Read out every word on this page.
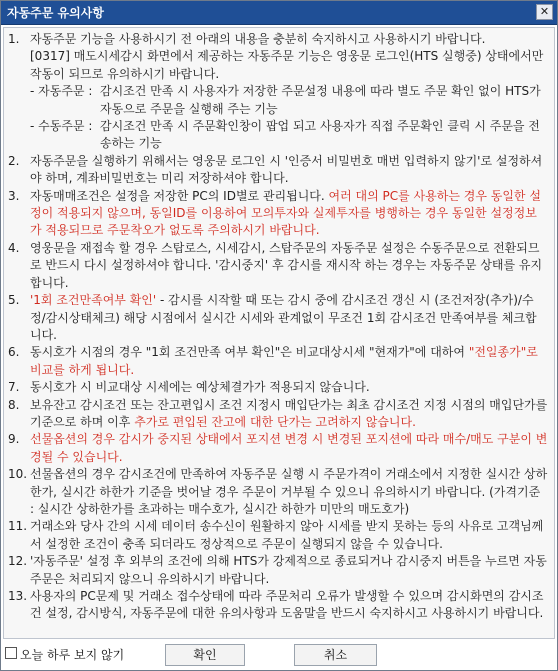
자동주문 유의사항	✕
1. 자동주문 기능을 사용하시기 전 아래의 내용을 충분히 숙지하시고 사용하시기 바랍니다.
[0317] 매도시세감시 화면에서 제공하는 자동주문 기능은 영웅문 로그인(HTS 실행중) 상태에서만 작동이 되므로 유의하시기 바랍니다.
- 자동주문 : 감시조건 만족 시 사용자가 저장한 주문설정 내용에 따라 별도 주문 확인 없이 HTS가 자동으로 주문을 실행해 주는 기능
- 수동주문 : 감시조건 만족 시 주문확인창이 팝업 되고 사용자가 직접 주문확인 클릭 시 주문을 전송하는 기능
2. 자동주문을 실행하기 위해서는 영웅문 로그인 시 '인증서 비밀번호 매번 입력하지 않기'로 설정하셔야 하며, 계좌비밀번호는 미리 저장하셔야 합니다.
3. 자동매매조건은 설정을 저장한 PC의 ID별로 관리됩니다. 여러 대의 PC를 사용하는 경우 동일한 설정이 적용되지 않으며, 동일ID를 이용하여 모의투자와 실제투자를 병행하는 경우 동일한 설정정보가 적용되므로 주문착오가 없도록 주의하시기 바랍니다.
4. 영웅문을 재접속 할 경우 스탑로스, 시세감시, 스탑주문의 자동주문 설정은 수동주문으로 전환되므로 반드시 다시 설정하셔야 합니다. '감시중지' 후 감시를 재시작 하는 경우는 자동주문 상태를 유지합니다.
5. '1회 조건만족여부 확인' - 감시를 시작할 때 또는 감시 중에 감시조건 갱신 시 (조건저장(추가)/수정/감시상태체크) 해당 시점에서 실시간 시세와 관계없이 무조건 1회 감시조건 만족여부를 체크합니다.
6. 동시호가 시점의 경우 "1회 조건만족 여부 확인"은 비교대상시세 "현재가"에 대하여 "전일종가"로 비교를 하게 됩니다.
7. 동시호가 시 비교대상 시세에는 예상체결가가 적용되지 않습니다.
8. 보유잔고 감시조건 또는 잔고편입시 조건 지정시 매입단가는 최초 감시조건 지정 시점의 매입단가를 기준으로 하며 이후 추가로 편입된 잔고에 대한 단가는 고려하지 않습니다.
9. 선물옵션의 경우 감시가 중지된 상태에서 포지션 변경 시 변경된 포지션에 따라 매수/매도 구분이 변경될 수 있습니다.
10. 선물옵션의 경우 감시조건에 만족하여 자동주문 실행 시 주문가격이 거래소에서 지정한 실시간 상하한가, 실시간 하한가 기준을 벗어날 경우 주문이 거부될 수 있으니 유의하시기 바랍니다. (가격기준 : 실시간 상하한가를 초과하는 매수호가, 실시간 하한가 미만의 매도호가)
11. 거래소와 당사 간의 시세 데이터 송수신이 원활하지 않아 시세를 받지 못하는 등의 사유로 고객님께서 설정한 조건이 충족 되더라도 정상적으로 주문이 실행되지 않을 수 있습니다.
12. '자동주문' 설정 후 외부의 조건에 의해 HTS가 강제적으로 종료되거나 감시중지 버튼을 누르면 자동주문은 처리되지 않으니 유의하시기 바랍니다.
13. 사용자의 PC문제 및 거래소 접수상태에 따라 주문처리 오류가 발생할 수 있으며 감시화면의 감시조건 설정, 감시방식, 자동주문에 대한 유의사항과 도움말을 반드시 숙지하시고 사용하시기 바랍니다.
오늘 하루 보지 않기	확인	취소
